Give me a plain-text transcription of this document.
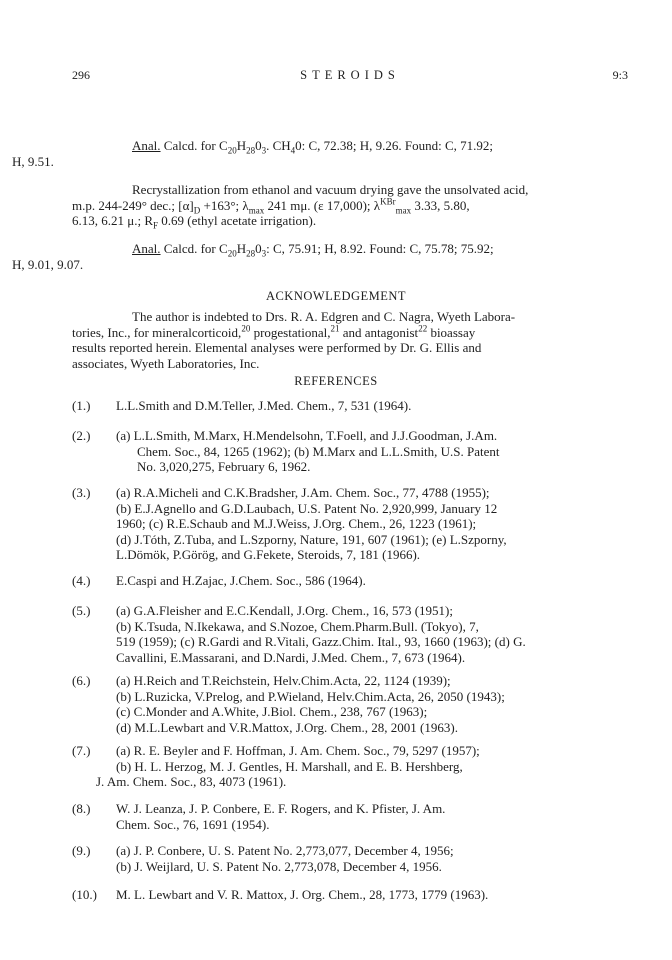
296	STEROIDS	9:3
Anal. Calcd. for $C_{20}H_{28}0_3$. $CH_40$: C, 72.38; H, 9.26. Found: C, 71.92;
H, 9.51.
Recrystallization from ethanol and vacuum drying gave the unsolvated acid,
m.p. 244-249° dec.; $[\alpha]_D +163^\circ$; $\lambda_{max}$ 241 mμ. (ε 17,000); $\lambda^{KBr}_{max}$ 3.33, 5.80,
6.13, 6.21 μ.; $R_F$ 0.69 (ethyl acetate irrigation).
Anal. Calcd. for $C_{20}H_{28}0_3$: C, 75.91; H, 8.92. Found: C, 75.78; 75.92;
H, 9.01, 9.07.
ACKNOWLEDGEMENT
The author is indebted to Drs. R. A. Edgren and C. Nagra, Wyeth Labora-
tories, Inc., for mineralcorticoid,$^{20}$ progestational,$^{21}$ and antagonist$^{22}$ bioassay
results reported herein. Elemental analyses were performed by Dr. G. Ellis and
associates, Wyeth Laboratories, Inc.
REFERENCES
(1.)	L.L.Smith and D.M.Teller, J.Med. Chem., 7, 531 (1964).
(2.)	(a) L.L.Smith, M.Marx, H.Mendelsohn, T.Foell, and J.J.Goodman, J.Am.
Chem. Soc., 84, 1265 (1962); (b) M.Marx and L.L.Smith, U.S. Patent
No. 3,020,275, February 6, 1962.
(3.)	(a) R.A.Micheli and C.K.Bradsher, J.Am. Chem. Soc., 77, 4788 (1955);
(b) E.J.Agnello and G.D.Laubach, U.S. Patent No. 2,920,999, January 12
1960; (c) R.E.Schaub and M.J.Weiss, J.Org. Chem., 26, 1223 (1961);
(d) J.Tóth, Z.Tuba, and L.Szporny, Nature, 191, 607 (1961); (e) L.Szporny,
L.Dömök, P.Görög, and G.Fekete, Steroids, 7, 181 (1966).
(4.)	E.Caspi and H.Zajac, J.Chem. Soc., 586 (1964).
(5.)	(a) G.A.Fleisher and E.C.Kendall, J.Org. Chem., 16, 573 (1951);
(b) K.Tsuda, N.Ikekawa, and S.Nozoe, Chem.Pharm.Bull. (Tokyo), 7,
519 (1959); (c) R.Gardi and R.Vitali, Gazz.Chim. Ital., 93, 1660 (1963); (d) G.
Cavallini, E.Massarani, and D.Nardi, J.Med. Chem., 7, 673 (1964).
(6.)	(a) H.Reich and T.Reichstein, Helv.Chim.Acta, 22, 1124 (1939);
(b) L.Ruzicka, V.Prelog, and P.Wieland, Helv.Chim.Acta, 26, 2050 (1943);
(c) C.Monder and A.White, J.Biol. Chem., 238, 767 (1963);
(d) M.L.Lewbart and V.R.Mattox, J.Org. Chem., 28, 2001 (1963).
(7.)	(a) R. E. Beyler and F. Hoffman, J. Am. Chem. Soc., 79, 5297 (1957);
(b) H. L. Herzog, M. J. Gentles, H. Marshall, and E. B. Hershberg,
J. Am. Chem. Soc., 83, 4073 (1961).
(8.)	W. J. Leanza, J. P. Conbere, E. F. Rogers, and K. Pfister, J. Am.
Chem. Soc., 76, 1691 (1954).
(9.)	(a) J. P. Conbere, U. S. Patent No. 2,773,077, December 4, 1956;
(b) J. Weijlard, U. S. Patent No. 2,773,078, December 4, 1956.
(10.)	M. L. Lewbart and V. R. Mattox, J. Org. Chem., 28, 1773, 1779 (1963).
